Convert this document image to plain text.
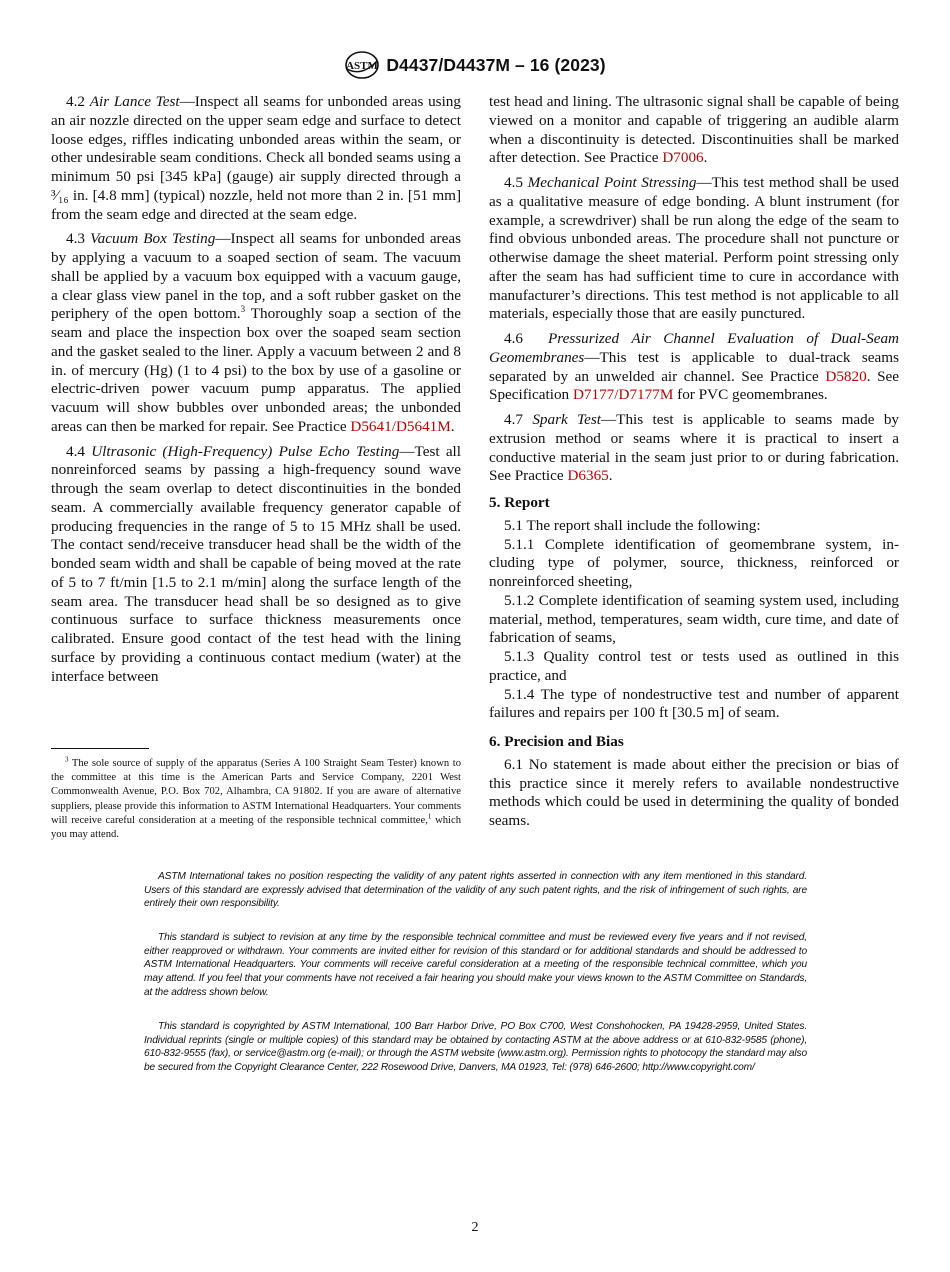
ASTM D4437/D4437M – 16 (2023)

4.2 Air Lance Test—Inspect all seams for unbonded areas using an air nozzle directed on the upper seam edge and surface to detect loose edges, riffles indicating unbonded areas within the seam, or other undesirable seam conditions. Check all bonded seams using a minimum 50 psi [345 kPa] (gauge) air supply directed through a ³⁄₁₆ in. [4.8 mm] (typical) nozzle, held not more than 2 in. [51 mm] from the seam edge and directed at the seam edge.

4.3 Vacuum Box Testing—Inspect all seams for unbonded areas by applying a vacuum to a soaped section of seam. The vacuum shall be applied by a vacuum box equipped with a vacuum gauge, a clear glass view panel in the top, and a soft rubber gasket on the periphery of the open bottom.$^3$ Thoroughly soap a section of the seam and place the inspection box over the soaped seam section and the gasket sealed to the liner. Apply a vacuum between 2 and 8 in. of mercury (Hg) (1 to 4 psi) to the box by use of a gasoline or electric-driven power vacuum pump apparatus. The applied vacuum will show bubbles over unbonded areas; the unbonded areas can then be marked for repair. See Practice D5641/D5641M.

4.4 Ultrasonic (High-Frequency) Pulse Echo Testing—Test all nonreinforced seams by passing a high-frequency sound wave through the seam overlap to detect discontinuities in the bonded seam. A commercially available frequency generator capable of producing frequencies in the range of 5 to 15 MHz shall be used. The contact send/receive transducer head shall be the width of the bonded seam width and shall be capable of being moved at the rate of 5 to 7 ft/min [1.5 to 2.1 m/min] along the surface length of the seam area. The transducer head shall be so designed as to give continuous surface to surface thickness measurements once calibrated. Ensure good contact of the test head with the lining surface by providing a continuous contact medium (water) at the interface between

$^3$ The sole source of supply of the apparatus (Series A 100 Straight Seam Tester) known to the committee at this time is the American Parts and Service Company, 2201 West Commonwealth Avenue, P.O. Box 702, Alhambra, CA 91802. If you are aware of alternative suppliers, please provide this information to ASTM International Headquarters. Your comments will receive careful consideration at a meeting of the responsible technical committee,$^1$ which you may attend.

test head and lining. The ultrasonic signal shall be capable of being viewed on a monitor and capable of triggering an audible alarm when a discontinuity is detected. Discontinuities shall be marked after detection. See Practice D7006.

4.5 Mechanical Point Stressing—This test method shall be used as a qualitative measure of edge bonding. A blunt instrument (for example, a screwdriver) shall be run along the edge of the seam to find obvious unbonded areas. The procedure shall not puncture or otherwise damage the sheet material. Perform point stressing only after the seam has had sufficient time to cure in accordance with manufacturer’s directions. This test method is not applicable to all materials, especially those that are easily punctured.

4.6 Pressurized Air Channel Evaluation of Dual-Seam Geomembranes—This test is applicable to dual-track seams separated by an unwelded air channel. See Practice D5820. See Specification D7177/D7177M for PVC geomembranes.

4.7 Spark Test—This test is applicable to seams made by extrusion method or seams where it is practical to insert a conductive material in the seam just prior to or during fabrication. See Practice D6365.

5. Report

5.1 The report shall include the following:

5.1.1 Complete identification of geomembrane system, including type of polymer, source, thickness, reinforced or nonreinforced sheeting,

5.1.2 Complete identification of seaming system used, including material, method, temperatures, seam width, cure time, and date of fabrication of seams,

5.1.3 Quality control test or tests used as outlined in this practice, and

5.1.4 The type of nondestructive test and number of apparent failures and repairs per 100 ft [30.5 m] of seam.

6. Precision and Bias

6.1 No statement is made about either the precision or bias of this practice since it merely refers to available nondestructive methods which could be used in determining the quality of bonded seams.

ASTM International takes no position respecting the validity of any patent rights asserted in connection with any item mentioned in this standard. Users of this standard are expressly advised that determination of the validity of any such patent rights, and the risk of infringement of such rights, are entirely their own responsibility.
This standard is subject to revision at any time by the responsible technical committee and must be reviewed every five years and if not revised, either reapproved or withdrawn. Your comments are invited either for revision of this standard or for additional standards and should be addressed to ASTM International Headquarters. Your comments will receive careful consideration at a meeting of the responsible technical committee, which you may attend. If you feel that your comments have not received a fair hearing you should make your views known to the ASTM Committee on Standards, at the address shown below.
This standard is copyrighted by ASTM International, 100 Barr Harbor Drive, PO Box C700, West Conshohocken, PA 19428-2959, United States. Individual reprints (single or multiple copies) of this standard may be obtained by contacting ASTM at the above address or at 610-832-9585 (phone), 610-832-9555 (fax), or service@astm.org (e-mail); or through the ASTM website (www.astm.org). Permission rights to photocopy the standard may also be secured from the Copyright Clearance Center, 222 Rosewood Drive, Danvers, MA 01923, Tel: (978) 646-2600; http://www.copyright.com/
2
